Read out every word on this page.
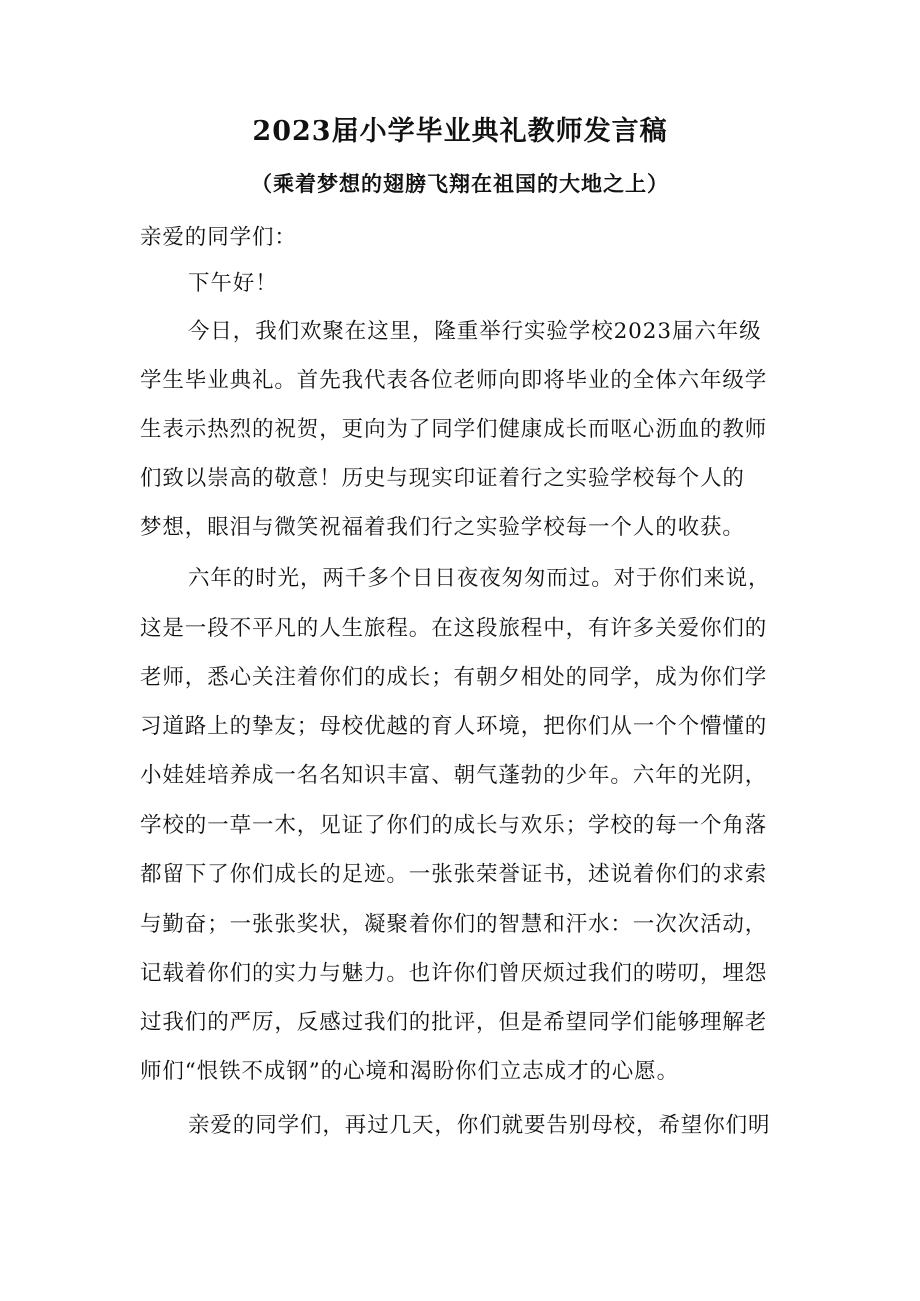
2023届小学毕业典礼教师发言稿
（乘着梦想的翅膀飞翔在祖国的大地之上）
亲爱的同学们：
下午好！
今日，我们欢聚在这里，隆重举行实验学校2023届六年级
学生毕业典礼。首先我代表各位老师向即将毕业的全体六年级学
生表示热烈的祝贺，更向为了同学们健康成长而呕心沥血的教师
们致以崇高的敬意！历史与现实印证着行之实验学校每个人的
梦想，眼泪与微笑祝福着我们行之实验学校每一个人的收获。
六年的时光，两千多个日日夜夜匆匆而过。对于你们来说，
这是一段不平凡的人生旅程。在这段旅程中，有许多关爱你们的
老师，悉心关注着你们的成长；有朝夕相处的同学，成为你们学
习道路上的挚友；母校优越的育人环境，把你们从一个个懵懂的
小娃娃培养成一名名知识丰富、朝气蓬勃的少年。六年的光阴，
学校的一草一木，见证了你们的成长与欢乐；学校的每一个角落
都留下了你们成长的足迹。一张张荣誉证书，述说着你们的求索
与勤奋；一张张奖状，凝聚着你们的智慧和汗水：一次次活动，
记载着你们的实力与魅力。也许你们曾厌烦过我们的唠叨，埋怨
过我们的严厉，反感过我们的批评，但是希望同学们能够理解老
师们“恨铁不成钢”的心境和渴盼你们立志成才的心愿。
亲爱的同学们，再过几天，你们就要告别母校，希望你们明
